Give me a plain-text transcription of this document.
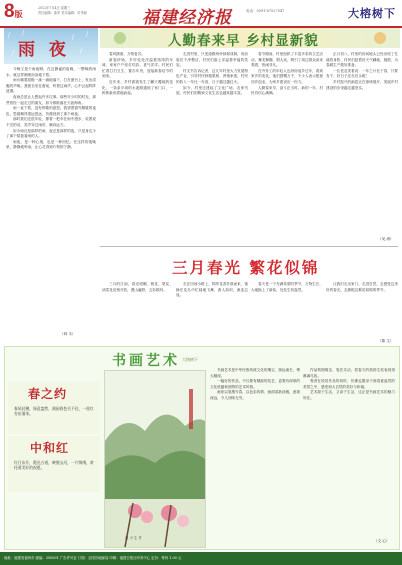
8版
2012年7月4日 星期三
责任编辑：曲军 美术编辑：时秀丽	福建经济报	电话：0591-87527047	大榕树下
雨 夜

今晚又是个雨夜啊，在这静谧的夜晚，一整晚的雨水，就这样淅淅沥沥地下着。

雨水顺着屋檐一滴一滴地落下，打在窗台上，发出清脆的声响。我独自坐在窗前，听着这雨声，心中泛起阵阵涟漪。

夜雨总是让人想起许多往事。那些年少时的时光，那些曾经一起走过的朋友，如今都散落在天涯海角。

雨一直下着，没有停歇的意思。我望着窗外朦胧的夜色，思绪飘得很远很远，仿佛回到了那个雨夜。

那时我们还很年轻，撑着一把伞在雨中漫步，说着说不完的话，笑声穿过雨帘，飘向远方。

如今雨还是那样的雨，夜还是那样的夜，只是身边少了那个陪我看雨的人。

雨夜，是一种心境，也是一种回忆。在这样的夜晚里，静静地听雨，让心灵得到片刻的宁静。

（林 木）
人勤春来早 乡村显新貌

春风拂面，万物复苏。

新春伊始，乡村处处洋溢着浓浓的年味，家家户户张灯结彩，喜气洋洋。村民们忙着打扫卫生、置办年货，迎接新春佳节的到来。

近年来，乡村面貌发生了翻天覆地的变化，一条条平坦的水泥路通到了家门口，一栋栋新房拔地而起。

走进村里，只见道路两旁绿树成荫，房前屋后干净整洁，村民们脸上洋溢着幸福的笑容。

村支书告诉记者，这几年村里大力发展特色产业，引导村民种植果树、养殖家禽，村民的收入一年比一年高，日子越过越红火。

如今，村里还建起了文化广场、农家书屋，村民们的精神文化生活也越来越丰富。

春节期间，村里组织了丰富多彩的文艺活动，舞龙舞狮、唱大戏，吸引了周边群众前来观看，热闹非凡。

在外务工的年轻人也纷纷返乡过年，看到家乡的变化，他们感慨万千，不少人表示愿意回乡创业，为家乡建设出一份力。

人勤春来早，奋斗正当时。新的一年，村民们信心满满。

正月初八，村里的田间地头已经出现了忙碌的身影，村民们趁着好天气翻地、施肥，为春耕生产做好准备。

一位老农笑着说：一年之计在于春，只要肯干，好日子还在后头呢！

乡村振兴的画卷正在徐徐展开，美丽乡村建设的步伐越走越坚实。

（吴 涛）
三月春光 繁花似锦

三月的江南，春光明媚，桃花、梨花、油菜花竞相开放，漫山遍野，五彩缤纷。

走在田间小路上，阵阵花香扑鼻而来，蜜蜂在花丛中忙碌地飞舞，游人如织，流连忘返。

春天是一个充满希望的季节，万物生长，大地换上了新装，处处生机盎然。

让我们走出家门，走进自然，去感受这美好的春光，去拥抱这繁花似锦的季节。

（陈 文）
书画艺术 大榕树下
春之约
春风轻拂，绿意盎然，满园春色关不住，一枝红杏出墙来。
中和红
红日东升，霞光万道，映照山河，一片锦绣，寄托着美好的祝愿。
周 小 生 作

书画艺术是中华民族传统文化的瑰宝，源远流长，博大精深。

一幅好的作品，不仅要有精湛的技艺，更要有深厚的文化底蕴和独特的艺术风格。

画家以笔墨写春，以色彩传情，画面清新淡雅，意境深远，令人回味无穷。

作品构图简洁，笔法灵动，将春天的勃勃生机表现得淋漓尽致。

观者在欣赏作品的同时，仿佛也置身于那春意盎然的美景之中，感受到大自然的美好与和谐。

艺术源于生活，又高于生活，这正是书画艺术的魅力所在。

（文 心）
地址：福建省福州市 邮编：350001 广告许可证 订阅：全国各地邮局 印刷：福建日报社印务中心 定价：每份 1.00 元
